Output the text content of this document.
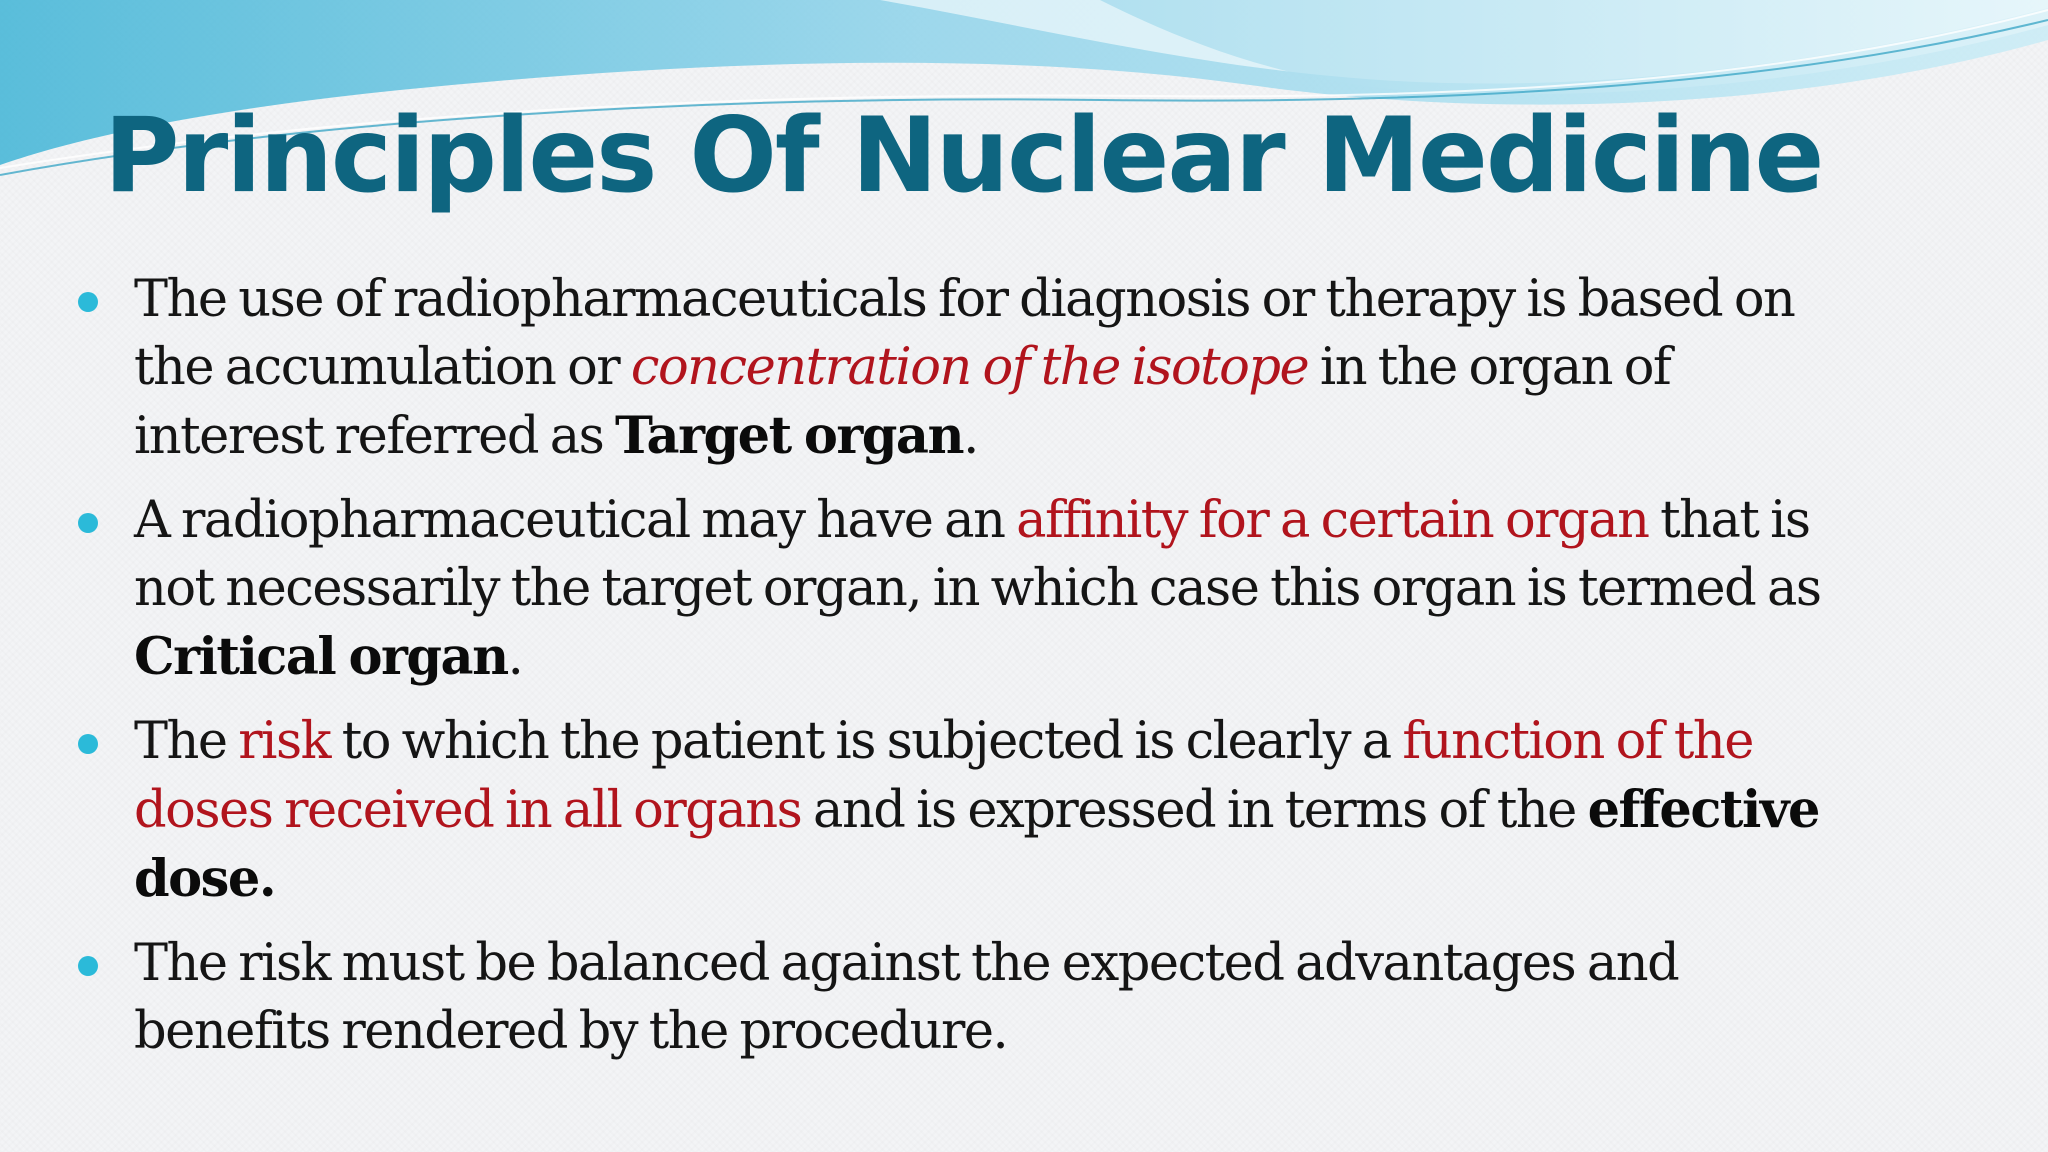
Principles Of Nuclear Medicine
The use of radiopharmaceuticals for diagnosis or therapy is based on the accumulation or concentration of the isotope in the organ of interest referred as Target organ.
A radiopharmaceutical may have an affinity for a certain organ that is not necessarily the target organ, in which case this organ is termed as Critical organ.
The risk to which the patient is subjected is clearly a function of the doses received in all organs and is expressed in terms of the effective dose.
The risk must be balanced against the expected advantages and benefits rendered by the procedure.
